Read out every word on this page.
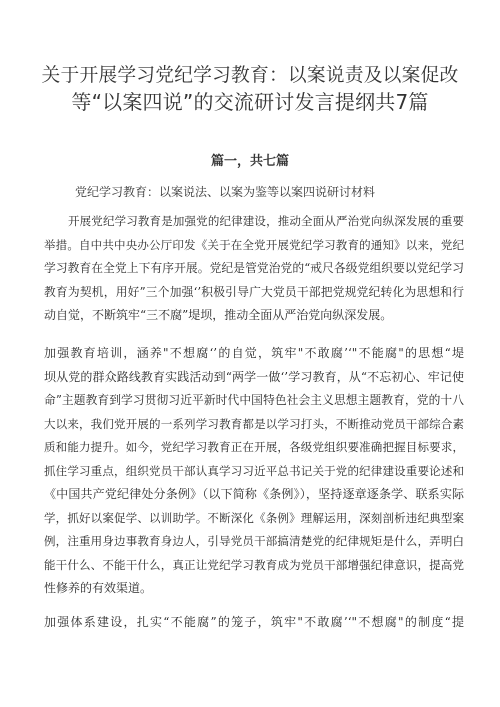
关于开展学习党纪学习教育：以案说责及以案促改
等“以案四说”的交流研讨发言提纲共7篇
篇一，共七篇
党纪学习教育：以案说法、以案为鉴等以案四说研讨材料
开展党纪学习教育是加强党的纪律建设，推动全面从严治党向纵深发展的重要
举措。自中共中央办公厅印发《关于在全党开展党纪学习教育的通知》以来，党纪
学习教育在全党上下有序开展。党纪是管党治党的“戒尺各级党组织要以党纪学习
教育为契机，用好”三个加强‘’积极引导广大党员干部把党规党纪转化为思想和行
动自觉，不断筑牢“三不腐”堤坝，推动全面从严治党向纵深发展。
加强教育培训，涵养"不想腐‘’的自觉，筑牢"不敢腐’‘"不能腐"的思想“堤
坝从党的群众路线教育实践活动到“两学一做‘’学习教育，从“不忘初心、牢记使
命”主题教育到学习贯彻习近平新时代中国特色社会主义思想主题教育，党的十八
大以来，我们党开展的一系列学习教育都是以学习打头，不断推动党员干部综合素
质和能力提升。如今，党纪学习教育正在开展，各级党组织要准确把握目标要求，
抓住学习重点，组织党员干部认真学习习近平总书记关于党的纪律建设重要论述和
《中国共产党纪律处分条例》（以下简称《条例》），坚持逐章逐条学、联系实际
学，抓好以案促学、以训助学。不断深化《条例》理解运用，深刻剖析违纪典型案
例，注重用身边事教育身边人，引导党员干部搞清楚党的纪律规矩是什么，弄明白
能干什么、不能干什么，真正让党纪学习教育成为党员干部增强纪律意识，提高党
性修养的有效渠道。
加强体系建设，扎实“不能腐”的笼子，筑牢"不敢腐’‘"不想腐"的制度“提
